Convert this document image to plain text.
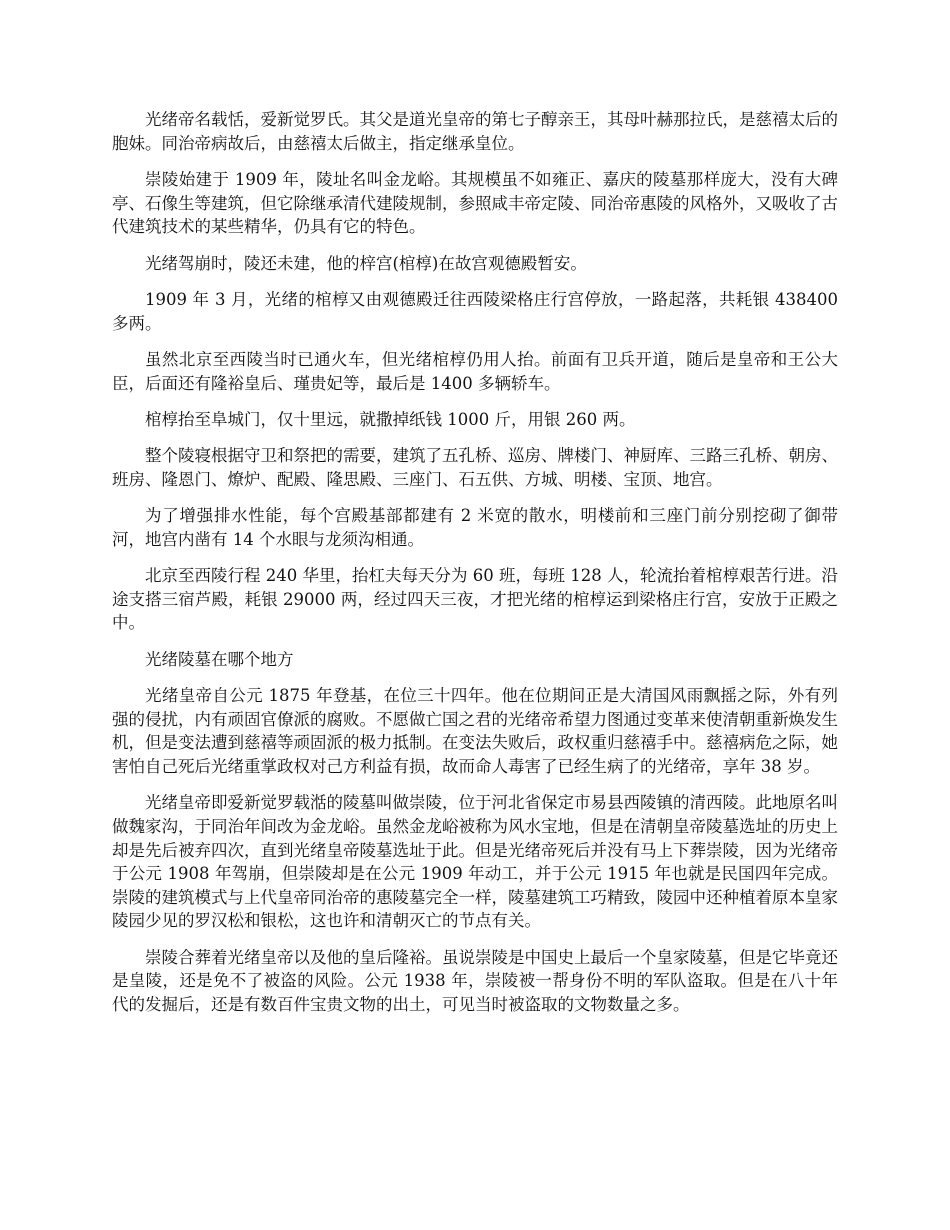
光绪帝名载恬，爱新觉罗氏。其父是道光皇帝的第七子醇亲王，其母叶赫那拉氏，是慈禧太后的胞妹。同治帝病故后，由慈禧太后做主，指定继承皇位。

崇陵始建于 1909 年，陵址名叫金龙峪。其规模虽不如雍正、嘉庆的陵墓那样庞大，没有大碑亭、石像生等建筑，但它除继承清代建陵规制，参照咸丰帝定陵、同治帝惠陵的风格外，又吸收了古代建筑技术的某些精华，仍具有它的特色。

光绪驾崩时，陵还未建，他的梓宫(棺椁)在故宫观德殿暂安。

1909 年 3 月，光绪的棺椁又由观德殿迁往西陵梁格庄行宫停放，一路起落，共耗银 438400 多两。

虽然北京至西陵当时已通火车，但光绪棺椁仍用人抬。前面有卫兵开道，随后是皇帝和王公大臣，后面还有隆裕皇后、瑾贵妃等，最后是 1400 多辆轿车。

棺椁抬至阜城门，仅十里远，就撒掉纸钱 1000 斤，用银 260 两。

整个陵寝根据守卫和祭把的需要，建筑了五孔桥、巡房、牌楼门、神厨库、三路三孔桥、朝房、班房、隆恩门、燎炉、配殿、隆思殿、三座门、石五供、方城、明楼、宝顶、地宫。

为了增强排水性能，每个宫殿基部都建有 2 米宽的散水，明楼前和三座门前分别挖砌了御带河，地宫内凿有 14 个水眼与龙须沟相通。

北京至西陵行程 240 华里，抬杠夫每天分为 60 班，每班 128 人，轮流抬着棺椁艰苦行进。沿途支搭三宿芦殿，耗银 29000 两，经过四天三夜，才把光绪的棺椁运到梁格庄行宫，安放于正殿之中。

光绪陵墓在哪个地方

光绪皇帝自公元 1875 年登基，在位三十四年。他在位期间正是大清国风雨飘摇之际，外有列强的侵扰，内有顽固官僚派的腐败。不愿做亡国之君的光绪帝希望力图通过变革来使清朝重新焕发生机，但是变法遭到慈禧等顽固派的极力抵制。在变法失败后，政权重归慈禧手中。慈禧病危之际，她害怕自己死后光绪重掌政权对己方利益有损，故而命人毒害了已经生病了的光绪帝，享年 38 岁。

光绪皇帝即爱新觉罗载湉的陵墓叫做崇陵，位于河北省保定市易县西陵镇的清西陵。此地原名叫做魏家沟，于同治年间改为金龙峪。虽然金龙峪被称为风水宝地，但是在清朝皇帝陵墓选址的历史上却是先后被弃四次，直到光绪皇帝陵墓选址于此。但是光绪帝死后并没有马上下葬崇陵，因为光绪帝于公元 1908 年驾崩，但崇陵却是在公元 1909 年动工，并于公元 1915 年也就是民国四年完成。崇陵的建筑模式与上代皇帝同治帝的惠陵墓完全一样，陵墓建筑工巧精致，陵园中还种植着原本皇家陵园少见的罗汉松和银松，这也许和清朝灭亡的节点有关。

崇陵合葬着光绪皇帝以及他的皇后隆裕。虽说崇陵是中国史上最后一个皇家陵墓，但是它毕竟还是皇陵，还是免不了被盗的风险。公元 1938 年，崇陵被一帮身份不明的军队盗取。但是在八十年代的发掘后，还是有数百件宝贵文物的出土，可见当时被盗取的文物数量之多。
